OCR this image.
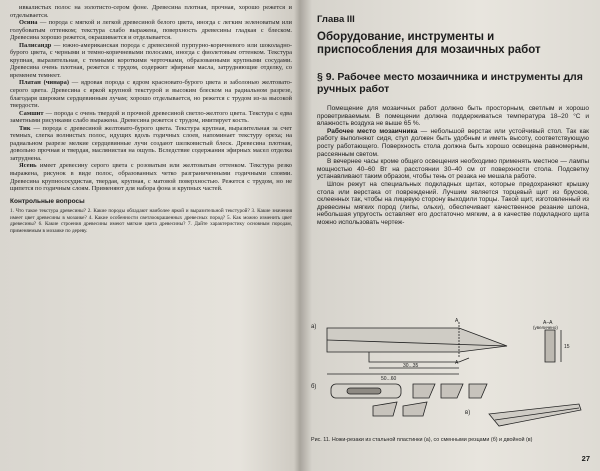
ивкалистых полос на золотисто-сером фоне. Древесина плотная, прочная, хорошо режется и отделывается.

Осина — порода с мягкой и легкой древесиной белого цвета, иногда с легким зеленоватым или голубоватым оттенком; текстура слабо выражена, поверхность древесины гладкая с блеском. Древесина хорошо режется, окрашивается и отделывается.

Палисандр — южно-американская порода с древесиной пурпурно-коричневого или шоколадно-бурого цвета, с черными и темно-коричневыми полосами, иногда с фиолетовым оттенком. Текстура крупная, выразительная, с темными короткими черточками, образованными крупными сосудами. Древесина очень плотная, режется с трудом, содержит эфирные масла, затрудняющие отделку, со временем темнеет.

Платан (чинара) — ядровая порода с ядром красновато-бурого цвета и заболонью желтовато-серого цвета. Древесина с яркой крупной текстурой и высоким блеском на радиальном разрезе, благодаря широким сердцевинным лучам; хорошо отделывается, но режется с трудом из-за высокой твердости.

Самшит — порода с очень твердой и прочной древесиной светло-желтого цвета. Текстура с едва заметными рисунками слабо выражена. Древесина режется с трудом, имитирует кость.

Тик — порода с древесиной желтовато-бурого цвета. Текстура крупная, выразительная за счет темных, слегка волнистых полос, идущих вдоль годичных слоев, напоминает текстуру ореха; на радиальном разрезе мелкие сердцевинные лучи создают шелковистый блеск. Древесина плотная, довольно прочная и твердая, маслянистая на ощупь. Вследствие содержания эфирных масел отделка затруднена.

Ясень имеет древесину серого цвета с розоватым или желтоватым оттенком. Текстура резко выражена, рисунок в виде полос, образованных четко разграниченными годичными слоями. Древесина крупнососудистая, твердая, крупная, с матовой поверхностью. Режется с трудом, но не щипется по годичным слоям. Применяют для набора фона и крупных частей.

Контрольные вопросы

1. Что такое текстура древесины? 2. Какие породы обладают наиболее яркой и выразительной текстурой? 3. Какие значения имеет цвет древесины в мозаике? 4. Какие особенности светлоокрашенных древесных пород? 5. Как можно изменить цвет древесины? 6. Какие строения древесины имеют мягкие цвета древесины? 7. Дайте характеристику основным породам, применяемым в мозаике по дереву.

Глава III
Оборудование, инструменты и приспособления для мозаичных работ
§ 9. Рабочее место мозаичника и инструменты для ручных работ

Помещение для мозаичных работ должно быть просторным, светлым и хорошо проветриваемым. В помещении должна поддерживаться температура 18–20 °С и влажность воздуха не выше 65 %.

Рабочее место мозаичника — небольшой верстак или устойчивый стол. Так как работу выполняют сидя, стул должен быть удобным и иметь высоту, соответствующую росту работающего. Поверхность стола должна быть хорошо освещена равномерным, рассеянным светом.

В вечернее часы кроме общего освещения необходимо применять местное — лампы мощностью 40–60 Вт на расстоянии 30–40 см от поверхности стола. Подсветку устанавливают таким образом, чтобы тень от резака не мешала работе.

Шпон режут на специальных подкладных щитах, которые предохраняют крышку стола или верстака от повреждений. Лучшим является торцевый щит из брусков, склеенных так, чтобы на лицевую сторону выходили торцы. Такой щит, изготовленный из древесины мягких пород (липы, ольхи), обеспечивает качественное резание шпона, небольшая упругость оставляет его достаточно мягким, а в качестве подкладного щита можно использовать чертеж-

а)
б)
в)
A
A
А–А
(увеличено)
15
30...35
50...60
Рис. 11. Ножи-резаки из стальной пластинки (а), со сменными резцами (б) и двойной (в)
27
